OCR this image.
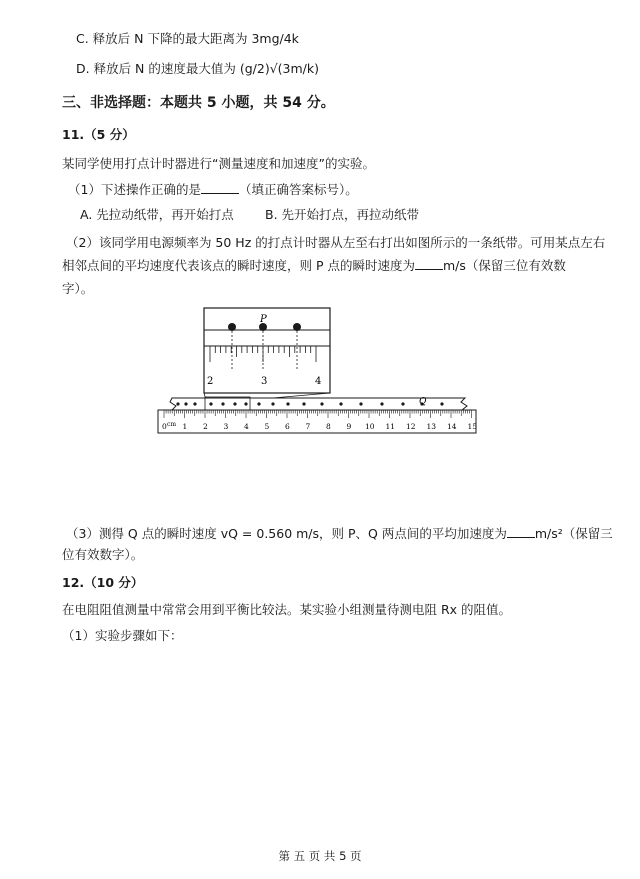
C. 释放后 N 下降的最大距离为 3mg/4k
D. 释放后 N 的速度最大值为 (g/2)√(3m/k)
三、非选择题：本题共 5 小题，共 54 分。
11.（5 分）
某同学使用打点计时器进行“测量速度和加速度”的实验。
（1）下述操作正确的是	（填正确答案标号）。
A. 先拉动纸带，再开始打点 B. 先开始打点，再拉动纸带
（2）该同学用电源频率为 50 Hz 的打点计时器从左至右打出如图所示的一条纸带。可用某点左右
相邻点间的平均速度代表该点的瞬时速度，则 P 点的瞬时速度为 m/s（保留三位有效数
字）。
P
2	3	4
Q
0 1 2 3 4 5 6 7 8 9 10 11 12 13 14 15
cm
（3）测得 Q 点的瞬时速度 vQ = 0.560 m/s，则 P、Q 两点间的平均加速度为 m/s²（保留三
位有效数字）。
12.（10 分）
在电阻阻值测量中常常会用到平衡比较法。某实验小组测量待测电阻 Rx 的阻值。
（1）实验步骤如下：
第 五 页 共 5 页
